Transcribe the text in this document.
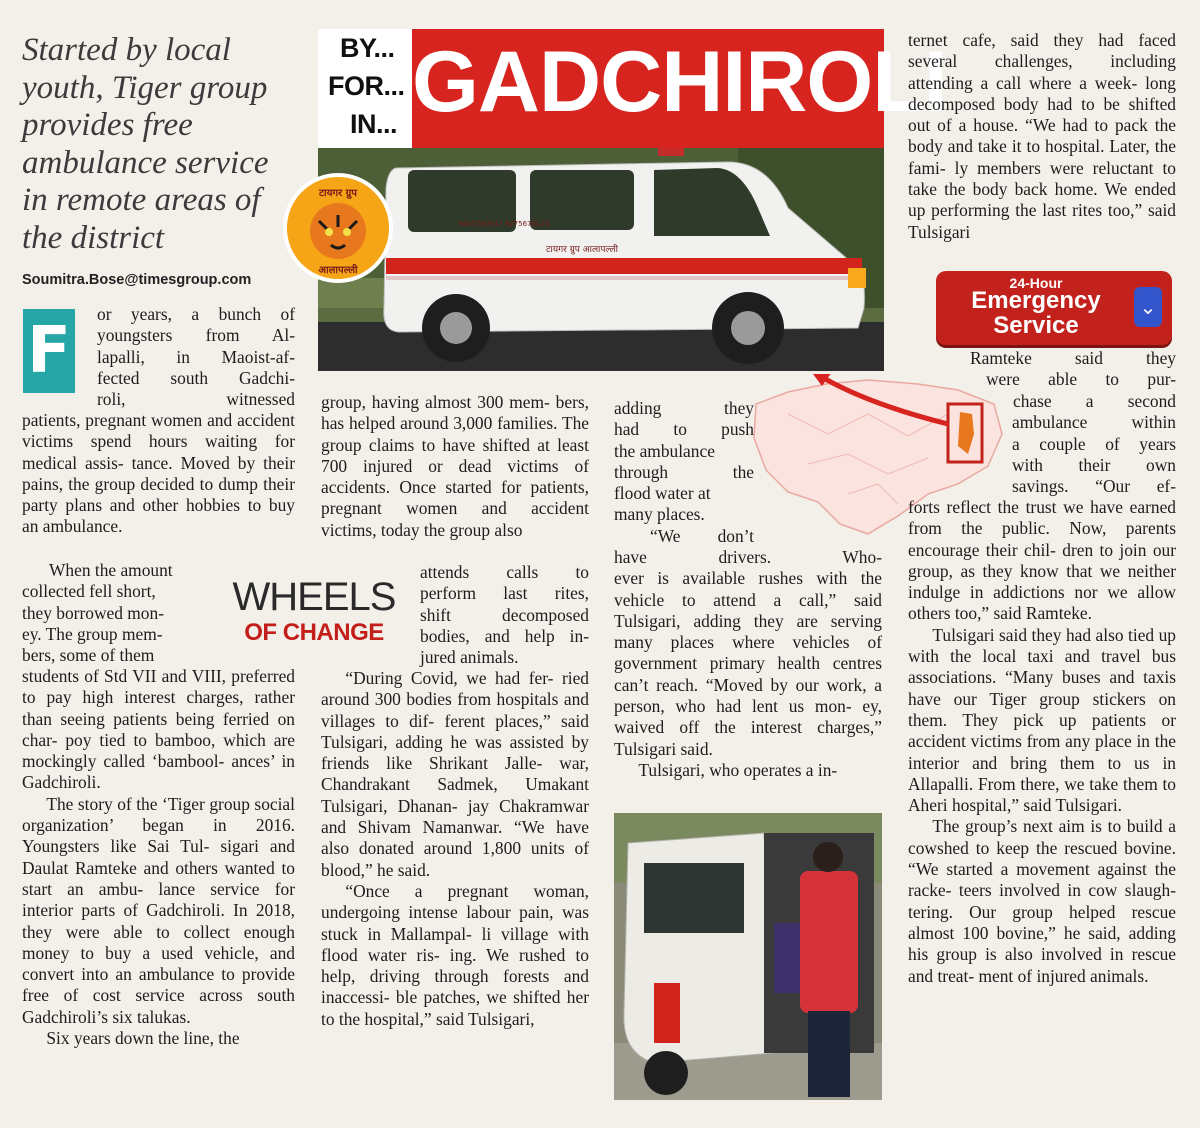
Started by local
youth, Tiger group
provides free
ambulance service
in remote areas of
the district
Soumitra.Bose@timesgroup.com
BY...
FOR...
IN... GADCHIROLI
टायगर ग्रुप आलापल्ली
9403780547 8275678125
टायगर ग्रुप
आलापल्ली
F or years, a bunch of
youngsters from Al-
lapalli, in Maoist-af-
fected south Gadchi-
roli, witnessed

patients, pregnant women and accident victims spend hours waiting for medical assis- tance. Moved by their pains, the group decided to dump their party plans and other hobbies to buy an ambulance.

When the amount
collected fell short,
they borrowed mon-
ey. The group mem-
bers, some of them

students of Std VII and VIII, preferred to pay high interest charges, rather than seeing patients being ferried on char- poy tied to bamboo, which are mockingly called ‘bambool- ances’ in Gadchiroli.

The story of the ‘Tiger group social organization’ began in 2016. Youngsters like Sai Tul- sigari and Daulat Ramteke and others wanted to start an ambu- lance service for interior parts of Gadchiroli. In 2018, they were able to collect enough money to buy a used vehicle, and convert into an ambulance to provide free of cost service across south Gadchiroli’s six talukas.

Six years down the line, the

WHEELS
OF CHANGE

group, having almost 300 mem- bers, has helped around 3,000 families. The group claims to have shifted at least 700 injured or dead victims of accidents. Once started for patients, pregnant women and accident victims, today the group also

attends calls to
perform last rites,
shift decomposed
bodies, and help in-
jured animals.

“During Covid, we had fer- ried around 300 bodies from hospitals and villages to dif- ferent places,” said Tulsigari, adding he was assisted by friends like Shrikant Jalle- war, Chandrakant Sadmek, Umakant Tulsigari, Dhanan- jay Chakramwar and Shivam Namanwar. “We have also donated around 1,800 units of blood,” he said.

“Once a pregnant woman, undergoing intense labour pain, was stuck in Mallampal- li village with flood water ris- ing. We rushed to help, driving through forests and inaccessi- ble patches, we shifted her to the hospital,” said Tulsigari,

adding they
had to push
the ambulance
through the
flood water at
many places.
“We don’t
have drivers. Who-

ever is available rushes with the vehicle to attend a call,” said Tulsigari, adding they are serving many places where vehicles of government primary health centres can’t reach. “Moved by our work, a person, who had lent us mon- ey, waived off the interest charges,” Tulsigari said.

Tulsigari, who operates a in-

ternet cafe, said they had faced several challenges, including attending a call where a week- long decomposed body had to be shifted out of a house. “We had to pack the body and take it to hospital. Later, the fami- ly members were reluctant to take the body back home. We ended up performing the last rites too,” said Tulsigari

24-Hour
Emergency
Service
⌄
Ramteke said they
were able to pur-
chase a second
ambulance within
a couple of years
with their own
savings. “Our ef-

forts reflect the trust we have earned from the public. Now, parents encourage their chil- dren to join our group, as they know that we neither indulge in addictions nor we allow others too,” said Ramteke.

Tulsigari said they had also tied up with the local taxi and travel bus associations. “Many buses and taxis have our Tiger group stickers on them. They pick up patients or accident victims from any place in the interior and bring them to us in Allapalli. From there, we take them to Aheri hospital,” said Tulsigari.

The group’s next aim is to build a cowshed to keep the rescued bovine. “We started a movement against the racke- teers involved in cow slaugh- tering. Our group helped rescue almost 100 bovine,” he said, adding his group is also involved in rescue and treat- ment of injured animals.
